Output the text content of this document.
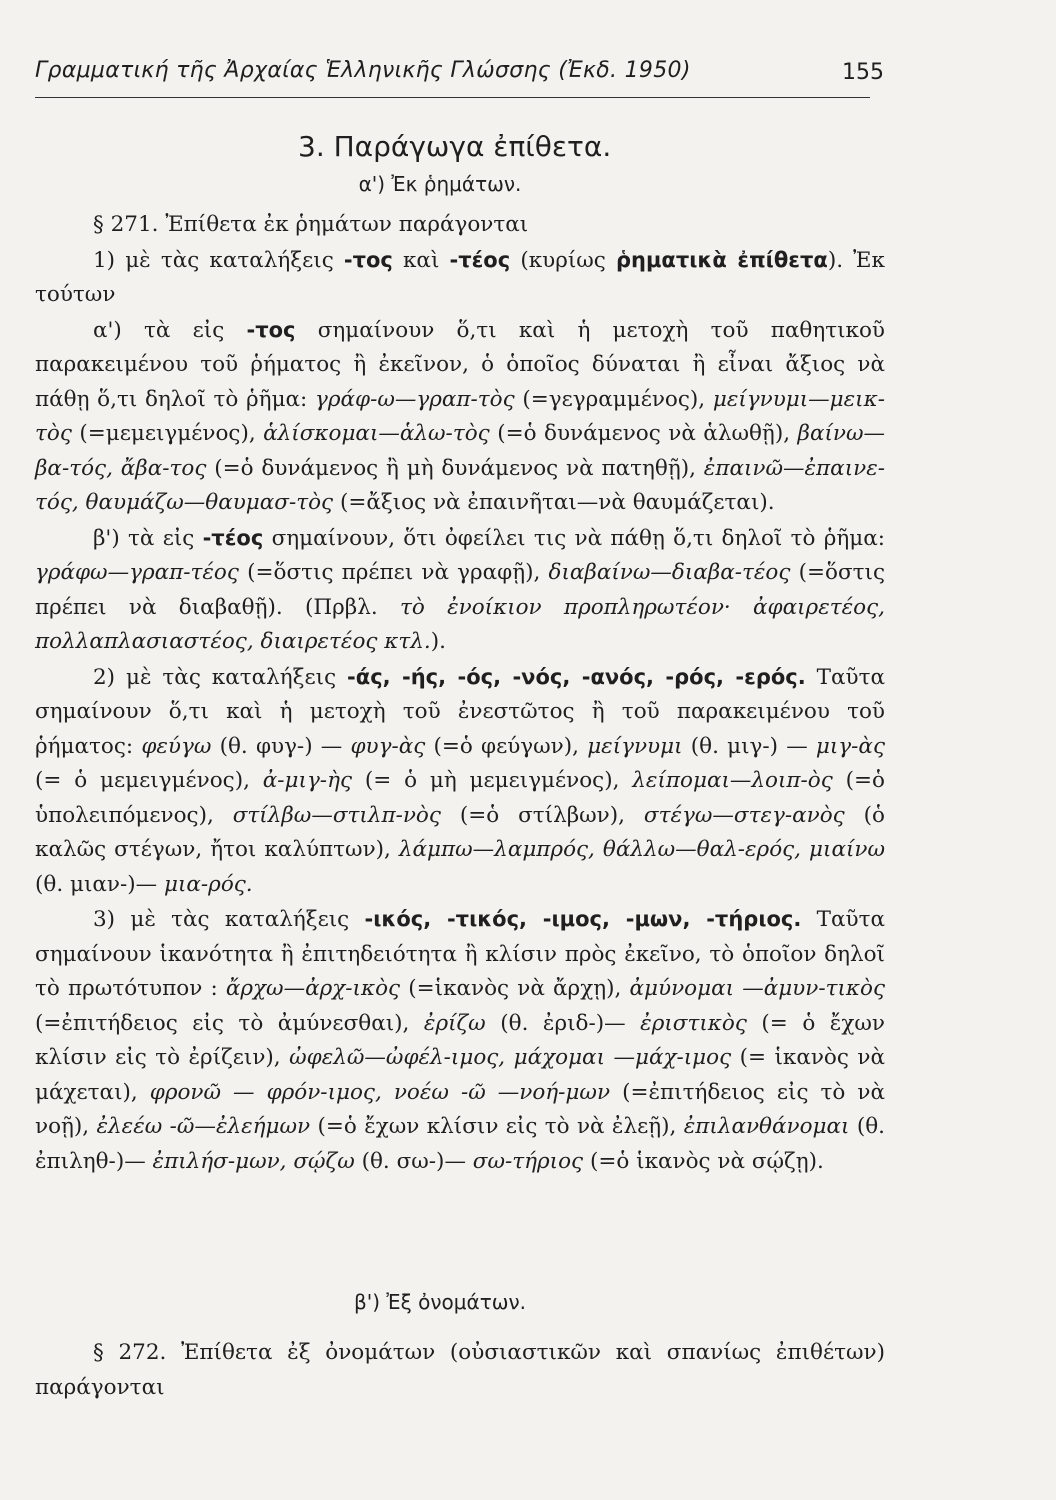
Γραμματική τῆς Ἀρχαίας Ἑλληνικῆς Γλώσσης (Ἐκδ. 1950)	155
3. Παράγωγα ἐπίθετα.
α') Ἐκ ῥημάτων.

§ 271. Ἐπίθετα ἐκ ῥημάτων παράγονται

1) μὲ τὰς καταλήξεις -τος καὶ -τέος (κυρίως ῥηματικὰ ἐπίθετα). Ἐκ τούτων

α') τὰ εἰς -τος σημαίνουν ὅ,τι καὶ ἡ μετοχὴ τοῦ παθητικοῦ παρακειμένου τοῦ ῥήματος ἢ ἐκεῖνον, ὁ ὁποῖος δύναται ἢ εἶναι ἄξιος νὰ πάθῃ ὅ,τι δηλοῖ τὸ ῥῆμα: γράφ-ω—γραπ-τὸς (=γεγραμμένος), μείγνυμι—μεικ-τὸς (=μεμειγμένος), ἁλίσκομαι—ἁλω-τὸς (=ὁ δυνάμενος νὰ ἁλωθῇ), βαίνω—βα-τός, ἄβα-τος (=ὁ δυνάμενος ἢ μὴ δυνάμενος νὰ πατηθῇ), ἐπαινῶ—ἐπαινε-τός, θαυμάζω—θαυμασ-τὸς (=ἄξιος νὰ ἐπαινῆται—νὰ θαυμάζεται).

β') τὰ εἰς -τέος σημαίνουν, ὅτι ὀφείλει τις νὰ πάθῃ ὅ,τι δηλοῖ τὸ ῥῆμα: γράφω—γραπ-τέος (=ὅστις πρέπει νὰ γραφῇ), διαβαίνω—διαβα-τέος (=ὅστις πρέπει νὰ διαβαθῇ). (Πρβλ. τὸ ἐνοίκιον προπληρωτέον· ἀφαιρετέος, πολλαπλασιαστέος, διαιρετέος κτλ.).

2) μὲ τὰς καταλήξεις -άς, -ής, -ός, -νός, -ανός, -ρός, -ερός. Ταῦτα σημαίνουν ὅ,τι καὶ ἡ μετοχὴ τοῦ ἐνεστῶτος ἢ τοῦ παρακειμένου τοῦ ῥήματος: φεύγω (θ. φυγ-) — φυγ-ὰς (=ὁ φεύγων), μείγνυμι (θ. μιγ-) — μιγ-ὰς (= ὁ μεμειγμένος), ἀ-μιγ-ὴς (= ὁ μὴ μεμειγμένος), λείπομαι—λοιπ-ὸς (=ὁ ὑπολειπόμενος), στίλβω—στιλπ-νὸς (=ὁ στίλβων), στέγω—στεγ-ανὸς (ὁ καλῶς στέγων, ἤτοι καλύπτων), λάμπω—λαμπρός, θάλλω—θαλ-ερός, μιαίνω (θ. μιαν-)— μια-ρός.

3) μὲ τὰς καταλήξεις -ικός, -τικός, -ιμος, -μων, -τήριος. Ταῦτα σημαίνουν ἱκανότητα ἢ ἐπιτηδειότητα ἢ κλίσιν πρὸς ἐκεῖνο, τὸ ὁποῖον δηλοῖ τὸ πρωτότυπον : ἄρχω—ἀρχ-ικὸς (=ἱκανὸς νὰ ἄρχῃ), ἀμύνομαι —ἀμυν-τικὸς (=ἐπιτήδειος εἰς τὸ ἀμύνεσθαι), ἐρίζω (θ. ἐριδ-)— ἐριστικὸς (= ὁ ἔχων κλίσιν εἰς τὸ ἐρίζειν), ὠφελῶ—ὠφέλ-ιμος, μάχομαι —μάχ-ιμος (= ἱκανὸς νὰ μάχεται), φρονῶ — φρόν-ιμος, νοέω -ῶ —νοή-μων (=ἐπιτήδειος εἰς τὸ νὰ νοῇ), ἐλεέω -ῶ—ἐλεήμων (=ὁ ἔχων κλίσιν εἰς τὸ νὰ ἐλεῇ), ἐπιλανθάνομαι (θ. ἐπιληθ-)— ἐπιλήσ-μων, σῴζω (θ. σω-)— σω-τήριος (=ὁ ἱκανὸς νὰ σῴζῃ).

β') Ἐξ ὀνομάτων.

§ 272. Ἐπίθετα ἐξ ὀνομάτων (οὐσιαστικῶν καὶ σπανίως ἐπιθέτων) παράγονται
